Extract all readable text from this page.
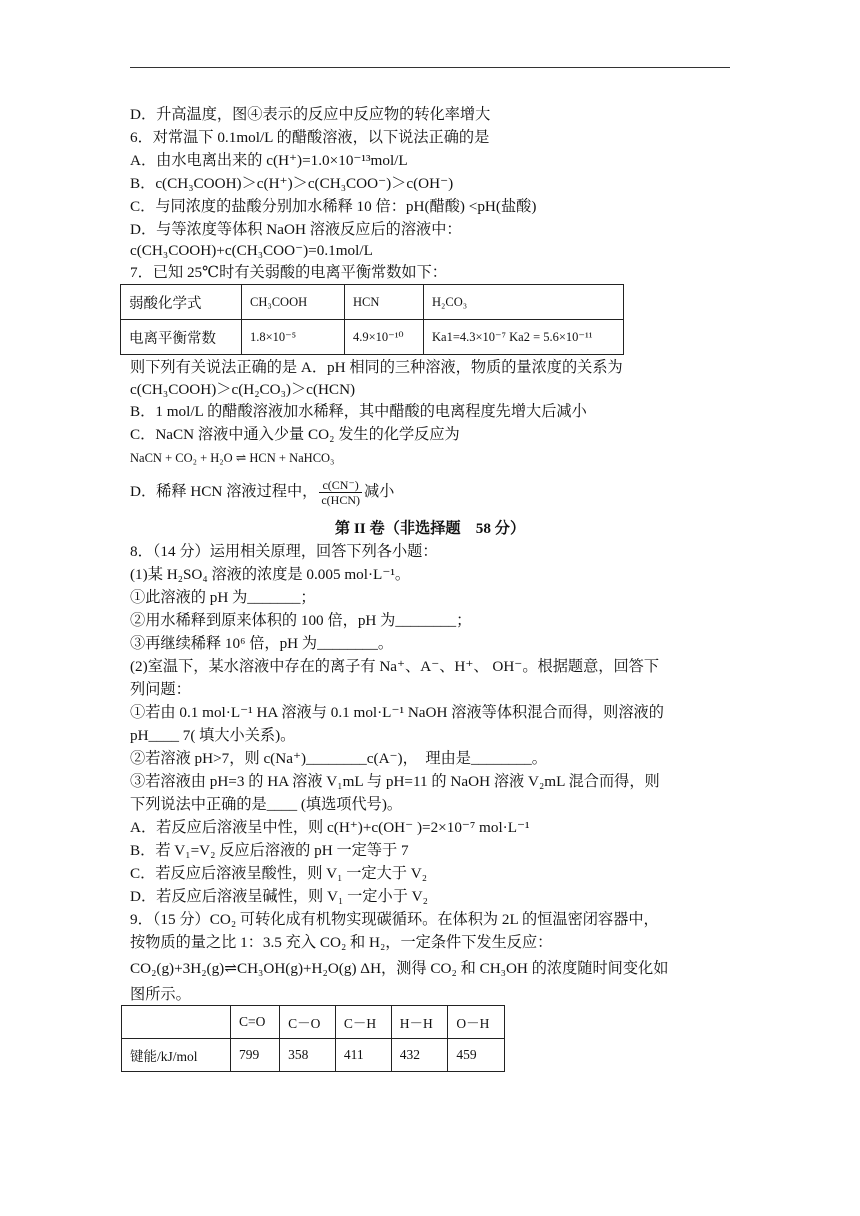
D．升高温度，图④表示的反应中反应物的转化率增大
6．对常温下 0.1mol/L 的醋酸溶液，以下说法正确的是
A．由水电离出来的 c(H⁺)=1.0×10⁻¹³mol/L
B．c(CH₃COOH)＞c(H⁺)＞c(CH₃COO⁻)＞c(OH⁻)
C．与同浓度的盐酸分别加水稀释 10 倍：pH(醋酸) <pH(盐酸)
D．与等浓度等体积 NaOH 溶液反应后的溶液中：
c(CH₃COOH)+c(CH₃COO⁻)=0.1mol/L
7．已知 25℃时有关弱酸的电离平衡常数如下：
弱酸化学式	CH₃COOH	HCN	H₂CO₃
电离平衡常数	1.8×10⁻⁵	4.9×10⁻¹⁰	Ka1=4.3×10⁻⁷ Ka2 = 5.6×10⁻¹¹
则下列有关说法正确的是 A．pH 相同的三种溶液，物质的量浓度的关系为
c(CH₃COOH)＞c(H₂CO₃)＞c(HCN)
B．1 mol/L 的醋酸溶液加水稀释，其中醋酸的电离程度先增大后减小
C．NaCN 溶液中通入少量 CO₂ 发生的化学反应为
NaCN + CO₂ + H₂O ⇌ HCN + NaHCO₃
D．稀释 HCN 溶液过程中， $\frac{c(CN^-)}{\text{c(HCN)}}$ 减小
第 II 卷（非选择题　58 分）
8．（14 分）运用相关原理，回答下列各小题：
(1)某 H₂SO₄ 溶液的浓度是 0.005 mol·L⁻¹。
①此溶液的 pH 为_______；
②用水稀释到原来体积的 100 倍，pH 为________；
③再继续稀释 10⁶ 倍，pH 为________。
(2)室温下，某水溶液中存在的离子有 Na⁺、A⁻、H⁺、 OH⁻。根据题意，回答下
列问题：
①若由 0.1 mol·L⁻¹ HA 溶液与 0.1 mol·L⁻¹ NaOH 溶液等体积混合而得，则溶液的
pH____ 7( 填大小关系)。
②若溶液 pH>7，则 c(Na⁺)________c(A⁻)，　理由是________。
③若溶液由 pH=3 的 HA 溶液 V₁mL 与 pH=11 的 NaOH 溶液 V₂mL 混合而得，则
下列说法中正确的是____ (填选项代号)。
A．若反应后溶液呈中性，则 c(H⁺)+c(OH⁻ )=2×10⁻⁷ mol·L⁻¹
B．若 V₁=V₂ 反应后溶液的 pH 一定等于 7
C．若反应后溶液呈酸性，则 V₁ 一定大于 V₂
D．若反应后溶液呈碱性，则 V₁ 一定小于 V₂
9．（15 分）CO₂ 可转化成有机物实现碳循环。在体积为 2L 的恒温密闭容器中，
按物质的量之比 1：3.5 充入 CO₂ 和 H₂，一定条件下发生反应：
CO₂(g)+3H₂(g)⇌CH₃OH(g)+H₂O(g) ΔH，测得 CO₂ 和 CH₃OH 的浓度随时间变化如
图所示。
	C=O	C－O	C－H	H－H	O－H
键能/kJ/mol	799	358	411	432	459
